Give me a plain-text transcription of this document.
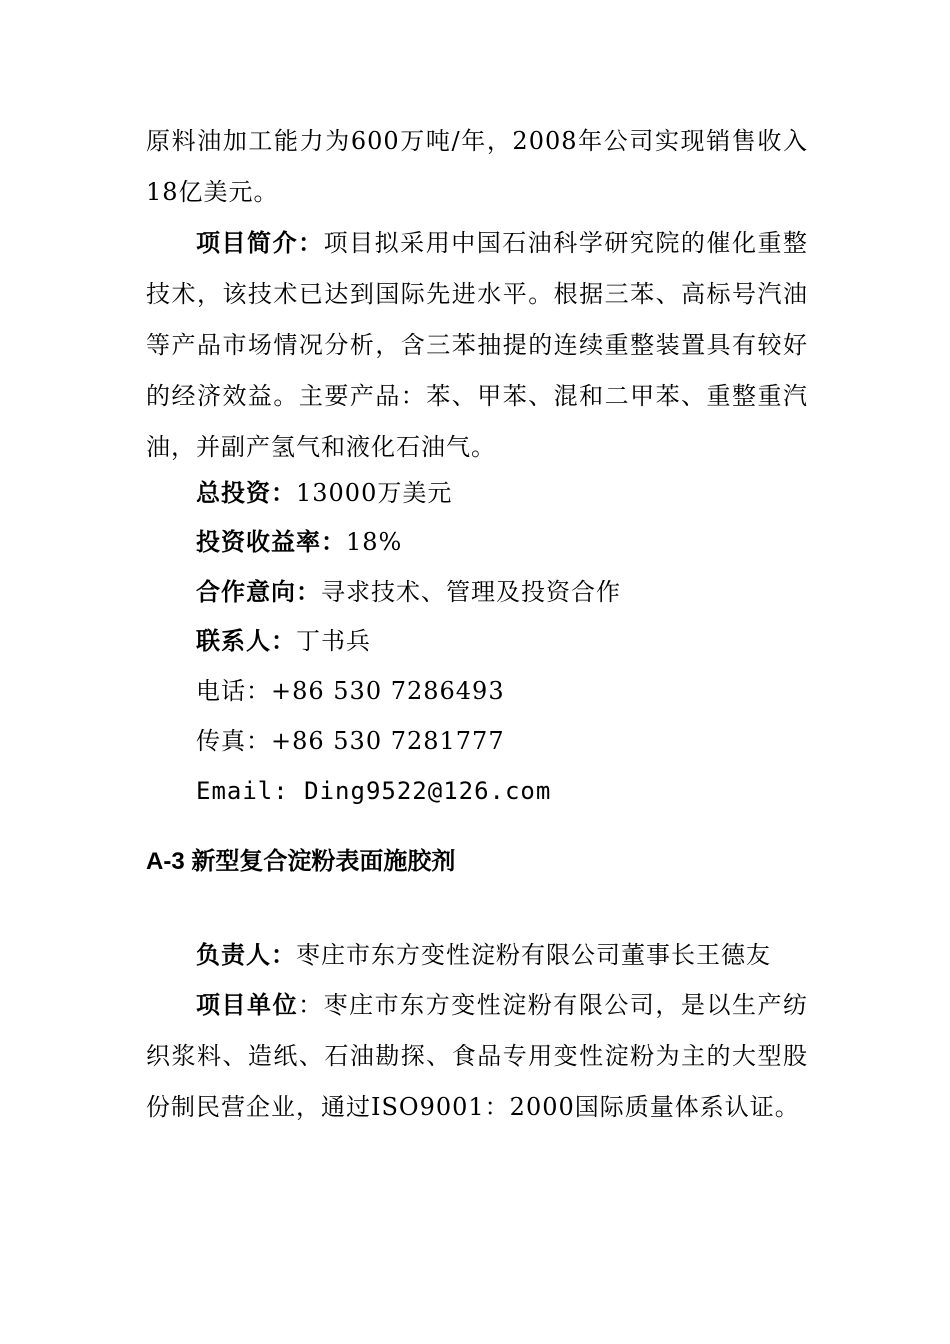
原料油加工能力为600万吨/年，2008年公司实现销售收入18亿美元。
项目简介：项目拟采用中国石油科学研究院的催化重整技术，该技术已达到国际先进水平。根据三苯、高标号汽油等产品市场情况分析，含三苯抽提的连续重整装置具有较好的经济效益。主要产品：苯、甲苯、混和二甲苯、重整重汽油，并副产氢气和液化石油气。
总投资：13000万美元
投资收益率：18%
合作意向：寻求技术、管理及投资合作
联系人：丁书兵
电话：+86 530 7286493
传真：+86 530 7281777
Email: Ding9522@126.com
A-3 新型复合淀粉表面施胶剂
负责人：枣庄市东方变性淀粉有限公司董事长王德友
项目单位：枣庄市东方变性淀粉有限公司，是以生产纺织浆料、造纸、石油勘探、食品专用变性淀粉为主的大型股份制民营企业，通过ISO9001：2000国际质量体系认证。
